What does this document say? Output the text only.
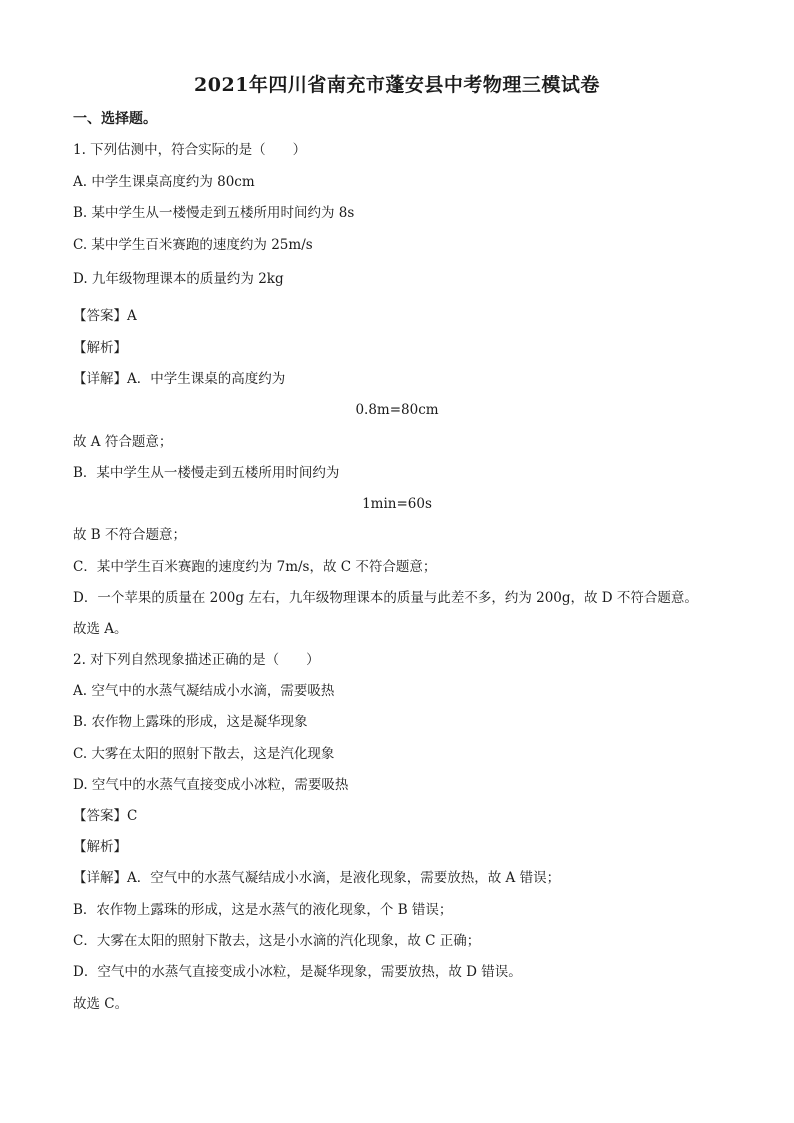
2021年四川省南充市蓬安县中考物理三模试卷
一、选择题。
1. 下列估测中，符合实际的是（　　）
A. 中学生课桌高度约为 80cm
B. 某中学生从一楼慢走到五楼所用时间约为 8s
C. 某中学生百米赛跑的速度约为 25m/s
D. 九年级物理课本的质量约为 2kg
【答案】A
【解析】
【详解】A．中学生课桌的高度约为
0.8m=80cm
故 A 符合题意；
B．某中学生从一楼慢走到五楼所用时间约为
1min=60s
故 B 不符合题意；
C．某中学生百米赛跑的速度约为 7m/s，故 C 不符合题意；
D．一个苹果的质量在 200g 左右，九年级物理课本的质量与此差不多，约为 200g，故 D 不符合题意。
故选 A。
2. 对下列自然现象描述正确的是（　　）
A. 空气中的水蒸气凝结成小水滴，需要吸热
B. 农作物上露珠的形成，这是凝华现象
C. 大雾在太阳的照射下散去，这是汽化现象
D. 空气中的水蒸气直接变成小冰粒，需要吸热
【答案】C
【解析】
【详解】A．空气中的水蒸气凝结成小水滴，是液化现象，需要放热，故 A 错误；
B．农作物上露珠的形成，这是水蒸气的液化现象，个 B 错误；
C．大雾在太阳的照射下散去，这是小水滴的汽化现象，故 C 正确；
D．空气中的水蒸气直接变成小冰粒，是凝华现象，需要放热，故 D 错误。
故选 C。
